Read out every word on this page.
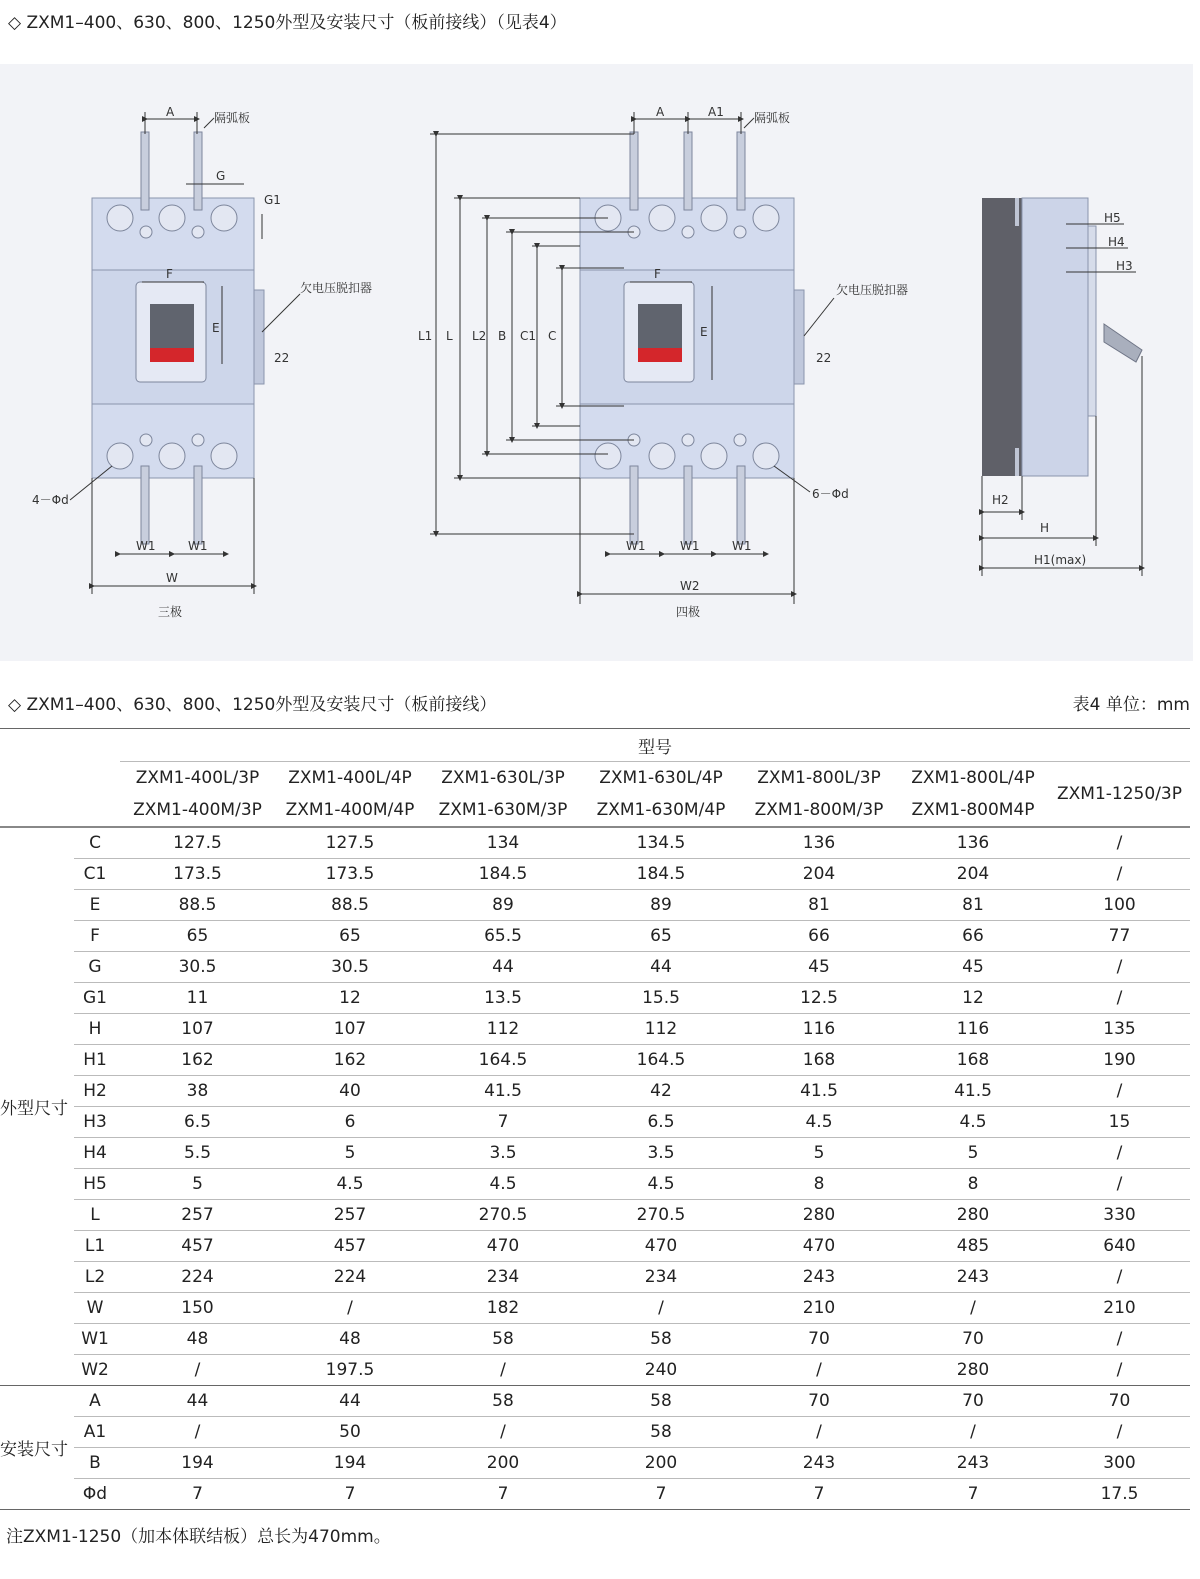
◇ ZXM1–400、630、800、1250外型及安装尺寸（板前接线）（见表4）
A	隔弧板
G
G1
F
E
22
欠电压脱扣器
4－Φd
W1	W1
W
三极
A	A1	隔弧板
L1 L L2 B C1 C
F
E
22
欠电压脱扣器
6－Φd
W1	W1	W1
W2
四极
H5
H4
H3
H2
H
H1(max)
◇ ZXM1–400、630、800、1250外型及安装尺寸（板前接线）	表4 单位：mm
		型号						
		ZXM1-400L/3P	ZXM1-400L/4P	ZXM1-630L/3P	ZXM1-630L/4P	ZXM1-800L/3P	ZXM1-800L/4P	ZXM1-1250/3P
		ZXM1-400M/3P	ZXM1-400M/4P	ZXM1-630M/3P	ZXM1-630M/4P	ZXM1-800M/3P	ZXM1-800M4P	
外型尺寸	C	127.5	127.5	134	134.5	136	136	/
	C1	173.5	173.5	184.5	184.5	204	204	/
	E	88.5	88.5	89	89	81	81	100
	F	65	65	65.5	65	66	66	77
	G	30.5	30.5	44	44	45	45	/
	G1	11	12	13.5	15.5	12.5	12	/
	H	107	107	112	112	116	116	135
	H1	162	162	164.5	164.5	168	168	190
	H2	38	40	41.5	42	41.5	41.5	/
	H3	6.5	6	7	6.5	4.5	4.5	15
	H4	5.5	5	3.5	3.5	5	5	/
	H5	5	4.5	4.5	4.5	8	8	/
	L	257	257	270.5	270.5	280	280	330
	L1	457	457	470	470	470	485	640
	L2	224	224	234	234	243	243	/
	W	150	/	182	/	210	/	210
	W1	48	48	58	58	70	70	/
	W2	/	197.5	/	240	/	280	/
安装尺寸	A	44	44	58	58	70	70	70
	A1	/	50	/	58	/	/	/
	B	194	194	200	200	243	243	300
	Φd	7	7	7	7	7	7	17.5
注ZXM1-1250（加本体联结板）总长为470mm。
